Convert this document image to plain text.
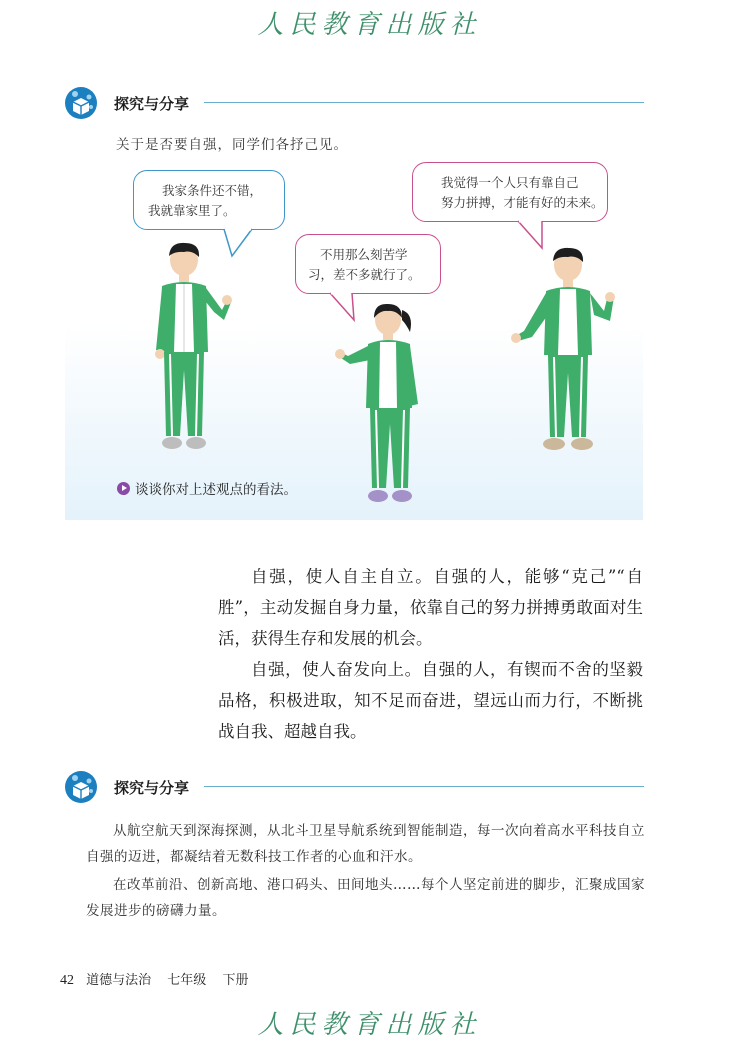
人民教育出版社
探究与分享
关于是否要自强，同学们各抒己见。
我家条件还不错，
我就靠家里了。
不用那么刻苦学
习，差不多就行了。
我觉得一个人只有靠自己
努力拼搏，才能有好的未来。
谈谈你对上述观点的看法。

自强，使人自主自立。自强的人，能够“克己”“自胜”，主动发掘自身力量，依靠自己的努力拼搏勇敢面对生活，获得生存和发展的机会。

自强，使人奋发向上。自强的人，有锲而不舍的坚毅品格，积极进取，知不足而奋进，望远山而力行，不断挑战自我、超越自我。

探究与分享

从航空航天到深海探测，从北斗卫星导航系统到智能制造，每一次向着高水平科技自立自强的迈进，都凝结着无数科技工作者的心血和汗水。

在改革前沿、创新高地、港口码头、田间地头……每个人坚定前进的脚步，汇聚成国家发展进步的磅礴力量。

42 道德与法治 七年级 下册
人民教育出版社
